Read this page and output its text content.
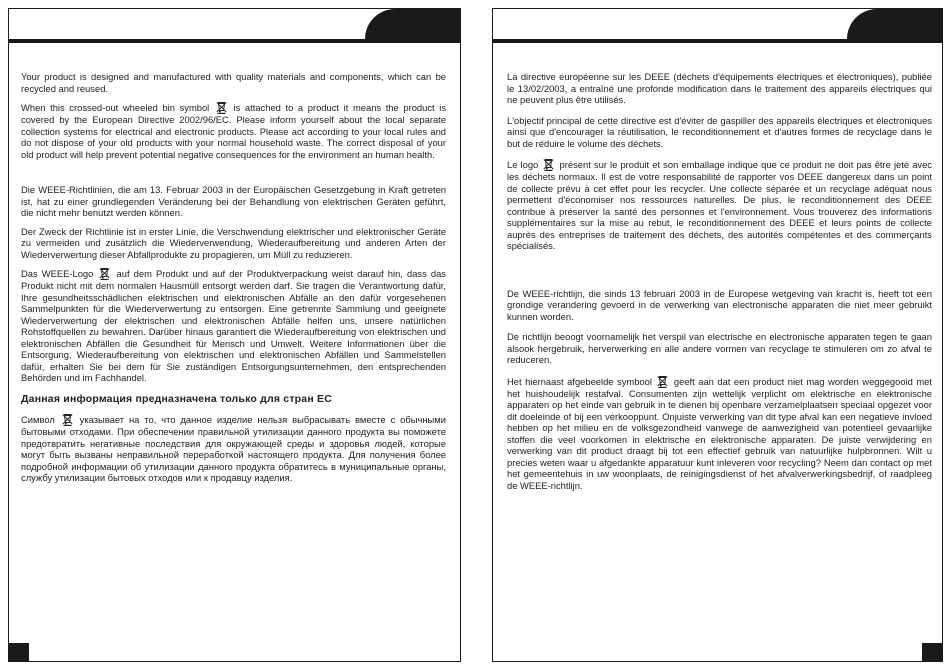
Your product is designed and manufactured with quality materials and components, which can be recycled and reused.

When this crossed-out wheeled bin symbol	is attached to a product it means the product is covered by the European Directive 2002/96/EC. Please inform yourself about the local separate collection systems for electrical and electronic products. Please act according to your local rules and do not dispose of your old products with your normal household waste. The correct disposal of your old product will help prevent potential negative consequences for the environment an human health.

Die WEEE-Richtlinien, die am 13. Februar 2003 in der Europäischen Gesetzgebung in Kraft getreten ist, hat zu einer grundlegenden Veränderung bei der Behandlung von elektrischen Geräten geführt, die nicht mehr benutzt werden können.

Der Zweck der Richtlinie ist in erster Linie, die Verschwendung elektrischer und elektronischer Geräte zu vermeiden und zusätzlich die Wiederverwendung, Wiederaufbereitung und anderen Arten der Wiederverwertung dieser Abfallprodukte zu propagieren, um Müll zu reduzieren.

Das WEEE-Logo auf dem Produkt und auf der Produktverpackung weist darauf hin, dass das Produkt nicht mit dem normalen Hausmüll entsorgt werden darf. Sie tragen die Verantwortung dafür, Ihre gesundheitsschädlichen elektrischen und elektronischen Abfälle an den dafür vorgesehenen Sammelpunkten für die Wiederverwertung zu entsorgen. Eine getrennte Sammlung und geeignete Wiederverwertung der elektrischen und elektronischen Abfälle helfen uns, unsere natürlichen Rohstoffquellen zu bewahren. Darüber hinaus garantiert die Wiederaufbereitung von elektrischen und elektronischen Abfällen die Gesundheit für Mensch und Umwelt. Weitere Informationen über die Entsorgung, Wiederaufbereitung von elektrischen und elektronischen Abfällen und Sammelstellen dafür, erhalten Sie bei dem für Sie zuständigen Entsorgungsunternehmen, den entsprechenden Behörden und im Fachhandel.

Данная информация предназначена только для стран ЕС

Символ	указывает на то, что данное изделие нельзя выбрасывать вместе с обычными бытовыми отходами. При обеспечении правильной утилизации данного продукта вы поможете предотвратить негативные последствия для окружающей среды и здоровья людей, которые могут быть вызваны неправильной переработкой настоящего продукта. Для получения более подробной информации об утилизации данного продукта обратитесь в муниципальные органы, службу утилизации бытовых отходов или к продавцу изделия.

La directive européenne sur les DEEE (déchets d'équipements électriques et électroniques), publiée le 13/02/2003, a entraîné une profonde modification dans le traitement des appareils électriques qui ne peuvent plus être utilisés.

L'objectif principal de cette directive est d'éviter de gaspiller des appareils électriques et électroniques ainsi que d'encourager la réutilisation, le reconditionnement et d'autres formes de recyclage dans le but de réduire le volume des déchets.

Le logo présent sur le produit et son emballage indique que ce produit ne doit pas être jeté avec les déchets normaux. Il est de votre responsabilité de rapporter vos DEEE dangereux dans un point de collecte prévu à cet effet pour les recycler. Une collecte séparée et un recyclage adéquat nous permettent d'économiser nos ressources naturelles. De plus, le reconditionnement des DEEE contribue à préserver la santé des personnes et l'environnement. Vous trouverez des informations supplémentaires sur la mise au rebut, le reconditionnement des DEEE et leurs points de collecte auprès des entreprises de traitement des déchets, des autorités compétentes et des commerçants spécialisés.

De WEEE-richtlijn, die sinds 13 februari 2003 in de Europese wetgeving van kracht is, heeft tot een grondige verandering gevoerd in de verwerking van electronische apparaten die niet meer gebruikt kunnen worden.

De richtlijn beoogt voornamelijk het verspil van electrische en electronische apparaten tegen te gaan alsook hergebruik, herverwerking en alle andere vormen van recyclage te stimuleren om zo afval te reduceren.

Het hiernaast afgebeelde symbool geeft aan dat een product niet mag worden weggegooid met het huishoudelijk restafval. Consumenten zijn wettelijk verplicht om elektrische en elektronische apparaten op het einde van gebruik in te dienen bij openbare verzamelplaatsen speciaal opgezet voor dit doeleinde of bij een verkooppunt. Onjuiste verwerking van dit type afval kan een negatieve invloed hebben op het milieu en de volksgezondheid vanwege de aanwezigheid van potentieel gevaarlijke stoffen die veel voorkomen in elektrische en elektronische apparaten. De juiste verwijdering en verwerking van dit product draagt bij tot een effectief gebruik van natuurlijke hulpbronnen. Wilt u precies weten waar u afgedankte apparatuur kunt inleveren voor recycling? Neem dan contact op met het gemeentehuis in uw woonplaats, de reinigingsdienst of het afvalverwerkingsbedrijf, of raadpleeg de WEEE-richtlijn.
